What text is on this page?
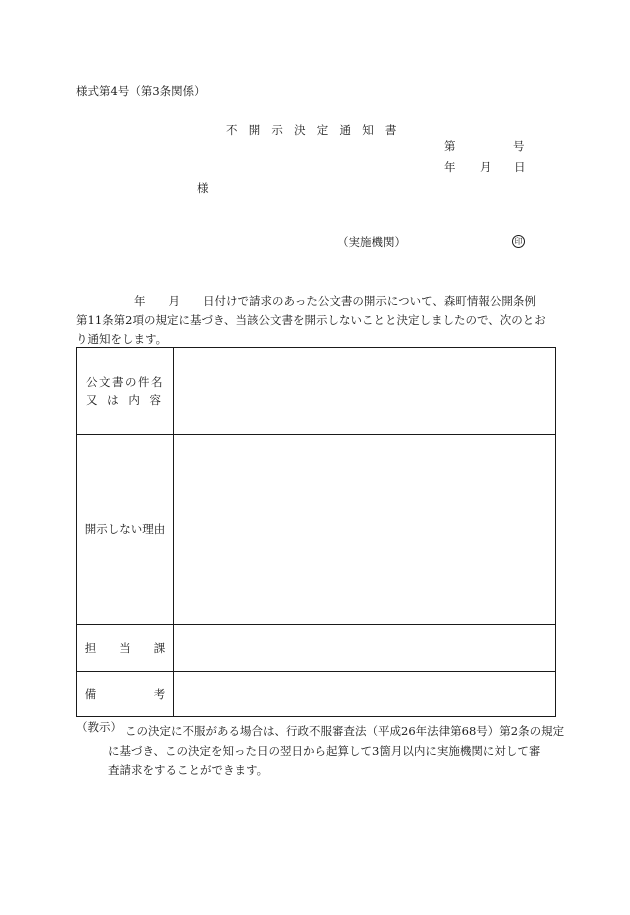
様式第4号（第3条関係）
不開示決定通知書
第	号
年 月 日
様
（実施機関）	印
年　　月　　日付けで請求のあった公文書の開示について、森町情報公開条例
第11条第2項の規定に基づき、当該公文書を開示しないことと決定しましたので、次のとお
り通知をします。
公文書の件名
又 は 内 容
開示しない理由
担　　当　　課
備　　　　　考
（教示） この決定に不服がある場合は、行政不服審査法（平成26年法律第68号）第2条の規定
に基づき、この決定を知った日の翌日から起算して3箇月以内に実施機関に対して審
査請求をすることができます。
